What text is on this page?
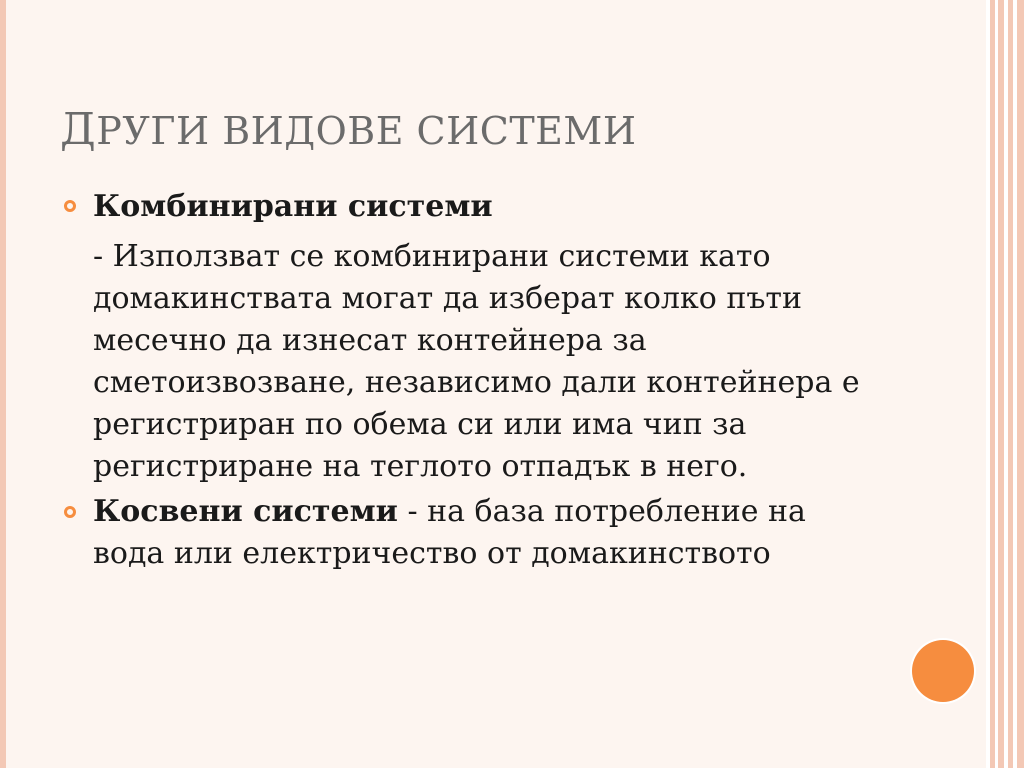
ДРУГИ ВИДОВЕ СИСТЕМИ
Комбинирани системи
- Използват се комбинирани системи като
домакинствата могат да изберат колко пъти
месечно да изнесат контейнера за
сметоизвозване, независимо дали контейнера е
регистриран по обема си или има чип за
регистриране на теглото отпадък в него.
Косвени системи - на база потребление на
вода или електричество от домакинството
